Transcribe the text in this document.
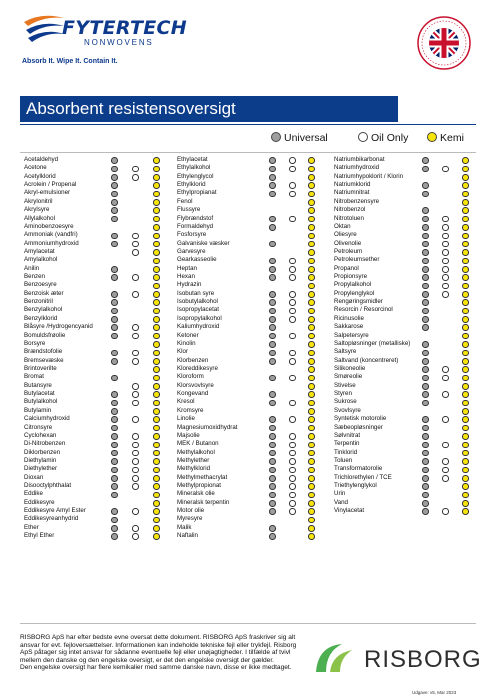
FYTERTECH
NONWOVENS
Absorb It. Wipe It. Contain It.
Absorbent resistensoversigt
Universal	Oil Only	Kemi
Acetaldehyd
Acetone
Acetylklorid
Acrolein / Propenal
Akryl-emulsioner
Akrylonitril
Akrylsyre
Allylalkohol
Aminobenzoesyre
Ammoniak (vandfri)
Ammoniumhydroxid
Amylacetat
Amylalkohol
Anilin
Benzen
Benzoesyre
Benzoisk æter
Benzonitril
Benzylalkohol
Benzylklorid
Blåsyre /Hydrogencyanid
Bomuldsfrøolie
Borsyre
Brændstofolie
Bremsevæske
Brintoverilte
Bromat
Butansyre
Butylacetat
Butylalkohol
Butylamin
Calciumhydroxid
Citronsyre
Cyclohexan
Di-Nitrobenzen
Diklorbenzen
Diethylamin
Diethylether
Dioxan
Disooctylphthalat
Eddike
Eddikesyre
Eddikesyre Amyl Ester
Eddikesyreanhydrid
Ether
Ethyl Ether
Ethylacetat
Ethylalkohol
Ethylenglycol
Ethylklorid
Ethylpropianat
Fenol
Flussyre
Flybrændstof
Formaldehyd
Fosforsyre
Galvaniske væsker
Garvesyre
Gearkasseolie
Heptan
Hexan
Hydrazin
Isobutan syre
Isobutylalkohol
Isopropylacetat
Isopropylalkohol
Kaliumhydroxid
Ketoner
Kinolin
Klor
Klorbenzen
Kloreddikesyre
Kloroform
Klorsvovlsyre
Kongevand
Kresol
Kromsyre
Linolie
Magnesiumoxidhydrat
Majsolie
MEK / Butanon
Methylalkohol
Methylether
Methylklorid
Methylmethacrylat
Methylpropionat
Mineralsk olie
Mineralsk terpentin
Motor olie
Myresyre
Malik
Naftalin
Natriumbikarbonat
Natriumhydroxid
Natriumhypoklorit / Klorin
Natriumklorid
Natriumnitrat
Nitrobenzensyre
Nitrobenzol
Nitrotoluen
Oktan
Oliesyre
Olivenolie
Petroleum
Petroleumsether
Propanol
Propionsyre
Propylalkohol
Propylenglykol
Rengøringsmidler
Resorcin / Resorcinol
Ricinusolie
Sakkarose
Salpetersyre
Saltopløsninger (metalliske)
Saltsyre
Saltvand (koncentreret)
Silikoneolie
Smøreolie
Stivelse
Styren
Sukrose
Svovlsyre
Syntetisk motorolie
Sæbeopløsninger
Sølvnitrat
Terpentin
Tinklorid
Toluen
Transformatorolie
Trichlorethylen / TCE
Triethylenglykol
Urin
Vand
Vinylacetat

RISBORG ApS har efter bedste evne oversat dette dokument. RISBORG ApS fraskriver sig alt ansvar for evt. fejloversættelser. Informationen kan indeholde tekniske fejl eller trykfejl. Risborg ApS påtager sig intet ansvar for sådanne eventuelle fejl eller unøjagtigheder. I tilfælde af tvivl mellem den danske og den engelske oversigt, er det den engelske oversigt der gælder.

Den engelske oversigt har flere kemikalier med samme danske navn, disse er ikke medtaget.	RISBORG
Udgave: v5, Mar 2023
